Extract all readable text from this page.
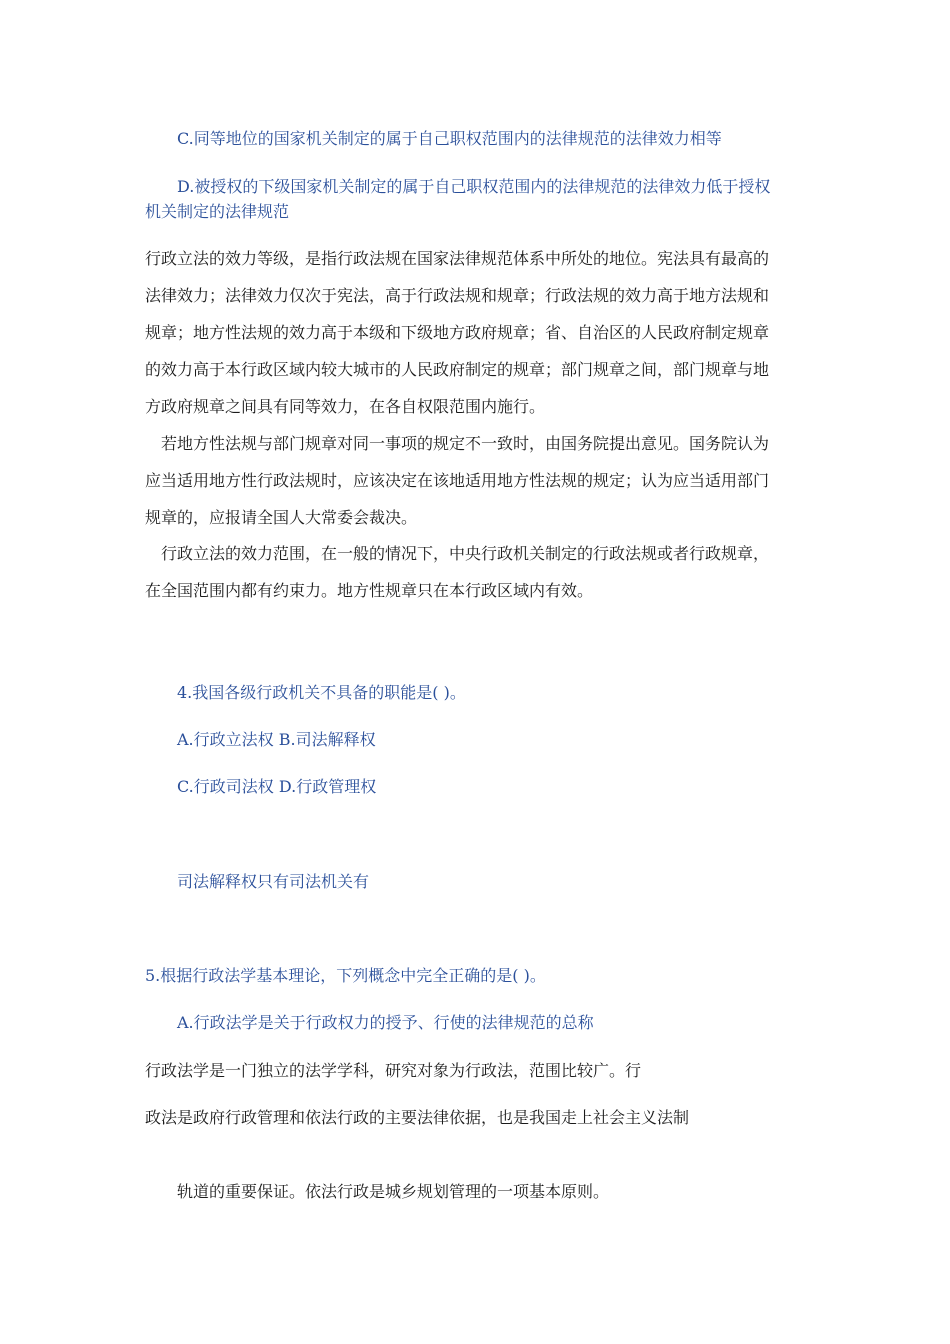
C.同等地位的国家机关制定的属于自己职权范围内的法律规范的法律效力相等
D.被授权的下级国家机关制定的属于自己职权范围内的法律规范的法律效力低于授权
机关制定的法律规范
行政立法的效力等级，是指行政法规在国家法律规范体系中所处的地位。宪法具有最高的
法律效力；法律效力仅次于宪法，高于行政法规和规章；行政法规的效力高于地方法规和
规章；地方性法规的效力高于本级和下级地方政府规章；省、自治区的人民政府制定规章
的效力高于本行政区域内较大城市的人民政府制定的规章；部门规章之间，部门规章与地
方政府规章之间具有同等效力，在各自权限范围内施行。
若地方性法规与部门规章对同一事项的规定不一致时，由国务院提出意见。国务院认为
应当适用地方性行政法规时，应该决定在该地适用地方性法规的规定；认为应当适用部门
规章的，应报请全国人大常委会裁决。
行政立法的效力范围，在一般的情况下，中央行政机关制定的行政法规或者行政规章，
在全国范围内都有约束力。地方性规章只在本行政区域内有效。
4.我国各级行政机关不具备的职能是( )。
A.行政立法权 B.司法解释权
C.行政司法权 D.行政管理权
司法解释权只有司法机关有
5.根据行政法学基本理论，下列概念中完全正确的是( )。
A.行政法学是关于行政权力的授予、行使的法律规范的总称
行政法学是一门独立的法学学科，研究对象为行政法，范围比较广。行
政法是政府行政管理和依法行政的主要法律依据，也是我国走上社会主义法制
轨道的重要保证。依法行政是城乡规划管理的一项基本原则。
